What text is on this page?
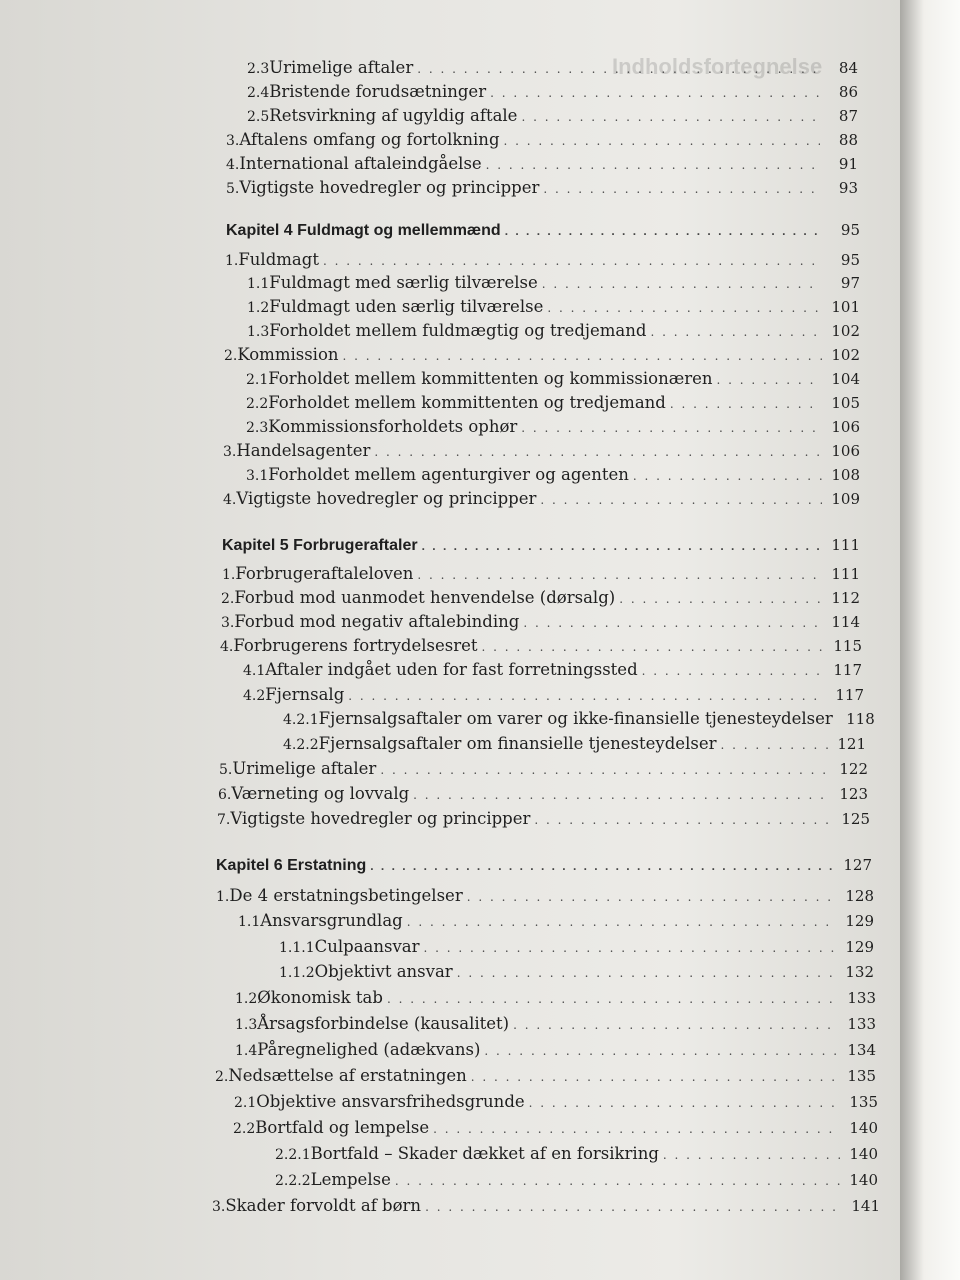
Indholdsfortegnelse
2.3 Urimelige aftaler . . .	84
2.4 Bristende forudsætninger . . .	86
2.5 Retsvirkning af ugyldig aftale . . .	87
3. Aftalens omfang og fortolkning . . .	88
4. International aftaleindgåelse . . .	91
5. Vigtigste hovedregler og principper . . .	93
Kapitel 4 Fuldmagt og mellemmænd . . .	95
1. Fuldmagt . . .	95
1.1 Fuldmagt med særlig tilværelse . . .	97
1.2 Fuldmagt uden særlig tilværelse . . .	101
1.3 Forholdet mellem fuldmægtig og tredjemand . . .	102
2. Kommission . . .	102
2.1 Forholdet mellem kommittenten og kommissionæren . . .	104
2.2 Forholdet mellem kommittenten og tredjemand . . .	105
2.3 Kommissionsforholdets ophør . . .	106
3. Handelsagenter . . .	106
3.1 Forholdet mellem agenturgiver og agenten . . .	108
4. Vigtigste hovedregler og principper . . .	109
Kapitel 5 Forbrugeraftaler . . .	111
1. Forbrugeraftaleloven . . .	111
2. Forbud mod uanmodet henvendelse (dørsalg) . . .	112
3. Forbud mod negativ aftalebinding . . .	114
4. Forbrugerens fortrydelsesret . . .	115
4.1 Aftaler indgået uden for fast forretningssted . . .	117
4.2 Fjernsalg . . .	117
4.2.1 Fjernsalgsaftaler om varer og ikke-finansielle tjenesteydelser 118
4.2.2 Fjernsalgsaftaler om finansielle tjenesteydelser . . .	121
5. Urimelige aftaler . . .	122
6. Værneting og lovvalg . . .	123
7. Vigtigste hovedregler og principper . . .	125
Kapitel 6 Erstatning . . .	127
1. De 4 erstatningsbetingelser . . .	128
1.1 Ansvarsgrundlag . . .	129
1.1.1 Culpaansvar . . .	129
1.1.2 Objektivt ansvar . . .	132
1.2 Økonomisk tab . . .	133
1.3 Årsagsforbindelse (kausalitet) . . .	133
1.4 Påregnelighed (adækvans) . . .	134
2. Nedsættelse af erstatningen . . .	135
2.1 Objektive ansvarsfrihedsgrunde . . .	135
2.2 Bortfald og lempelse . . .	140
2.2.1 Bortfald – Skader dækket af en forsikring . . .	140
2.2.2 Lempelse . . .	140
3. Skader forvoldt af børn . . .	141
